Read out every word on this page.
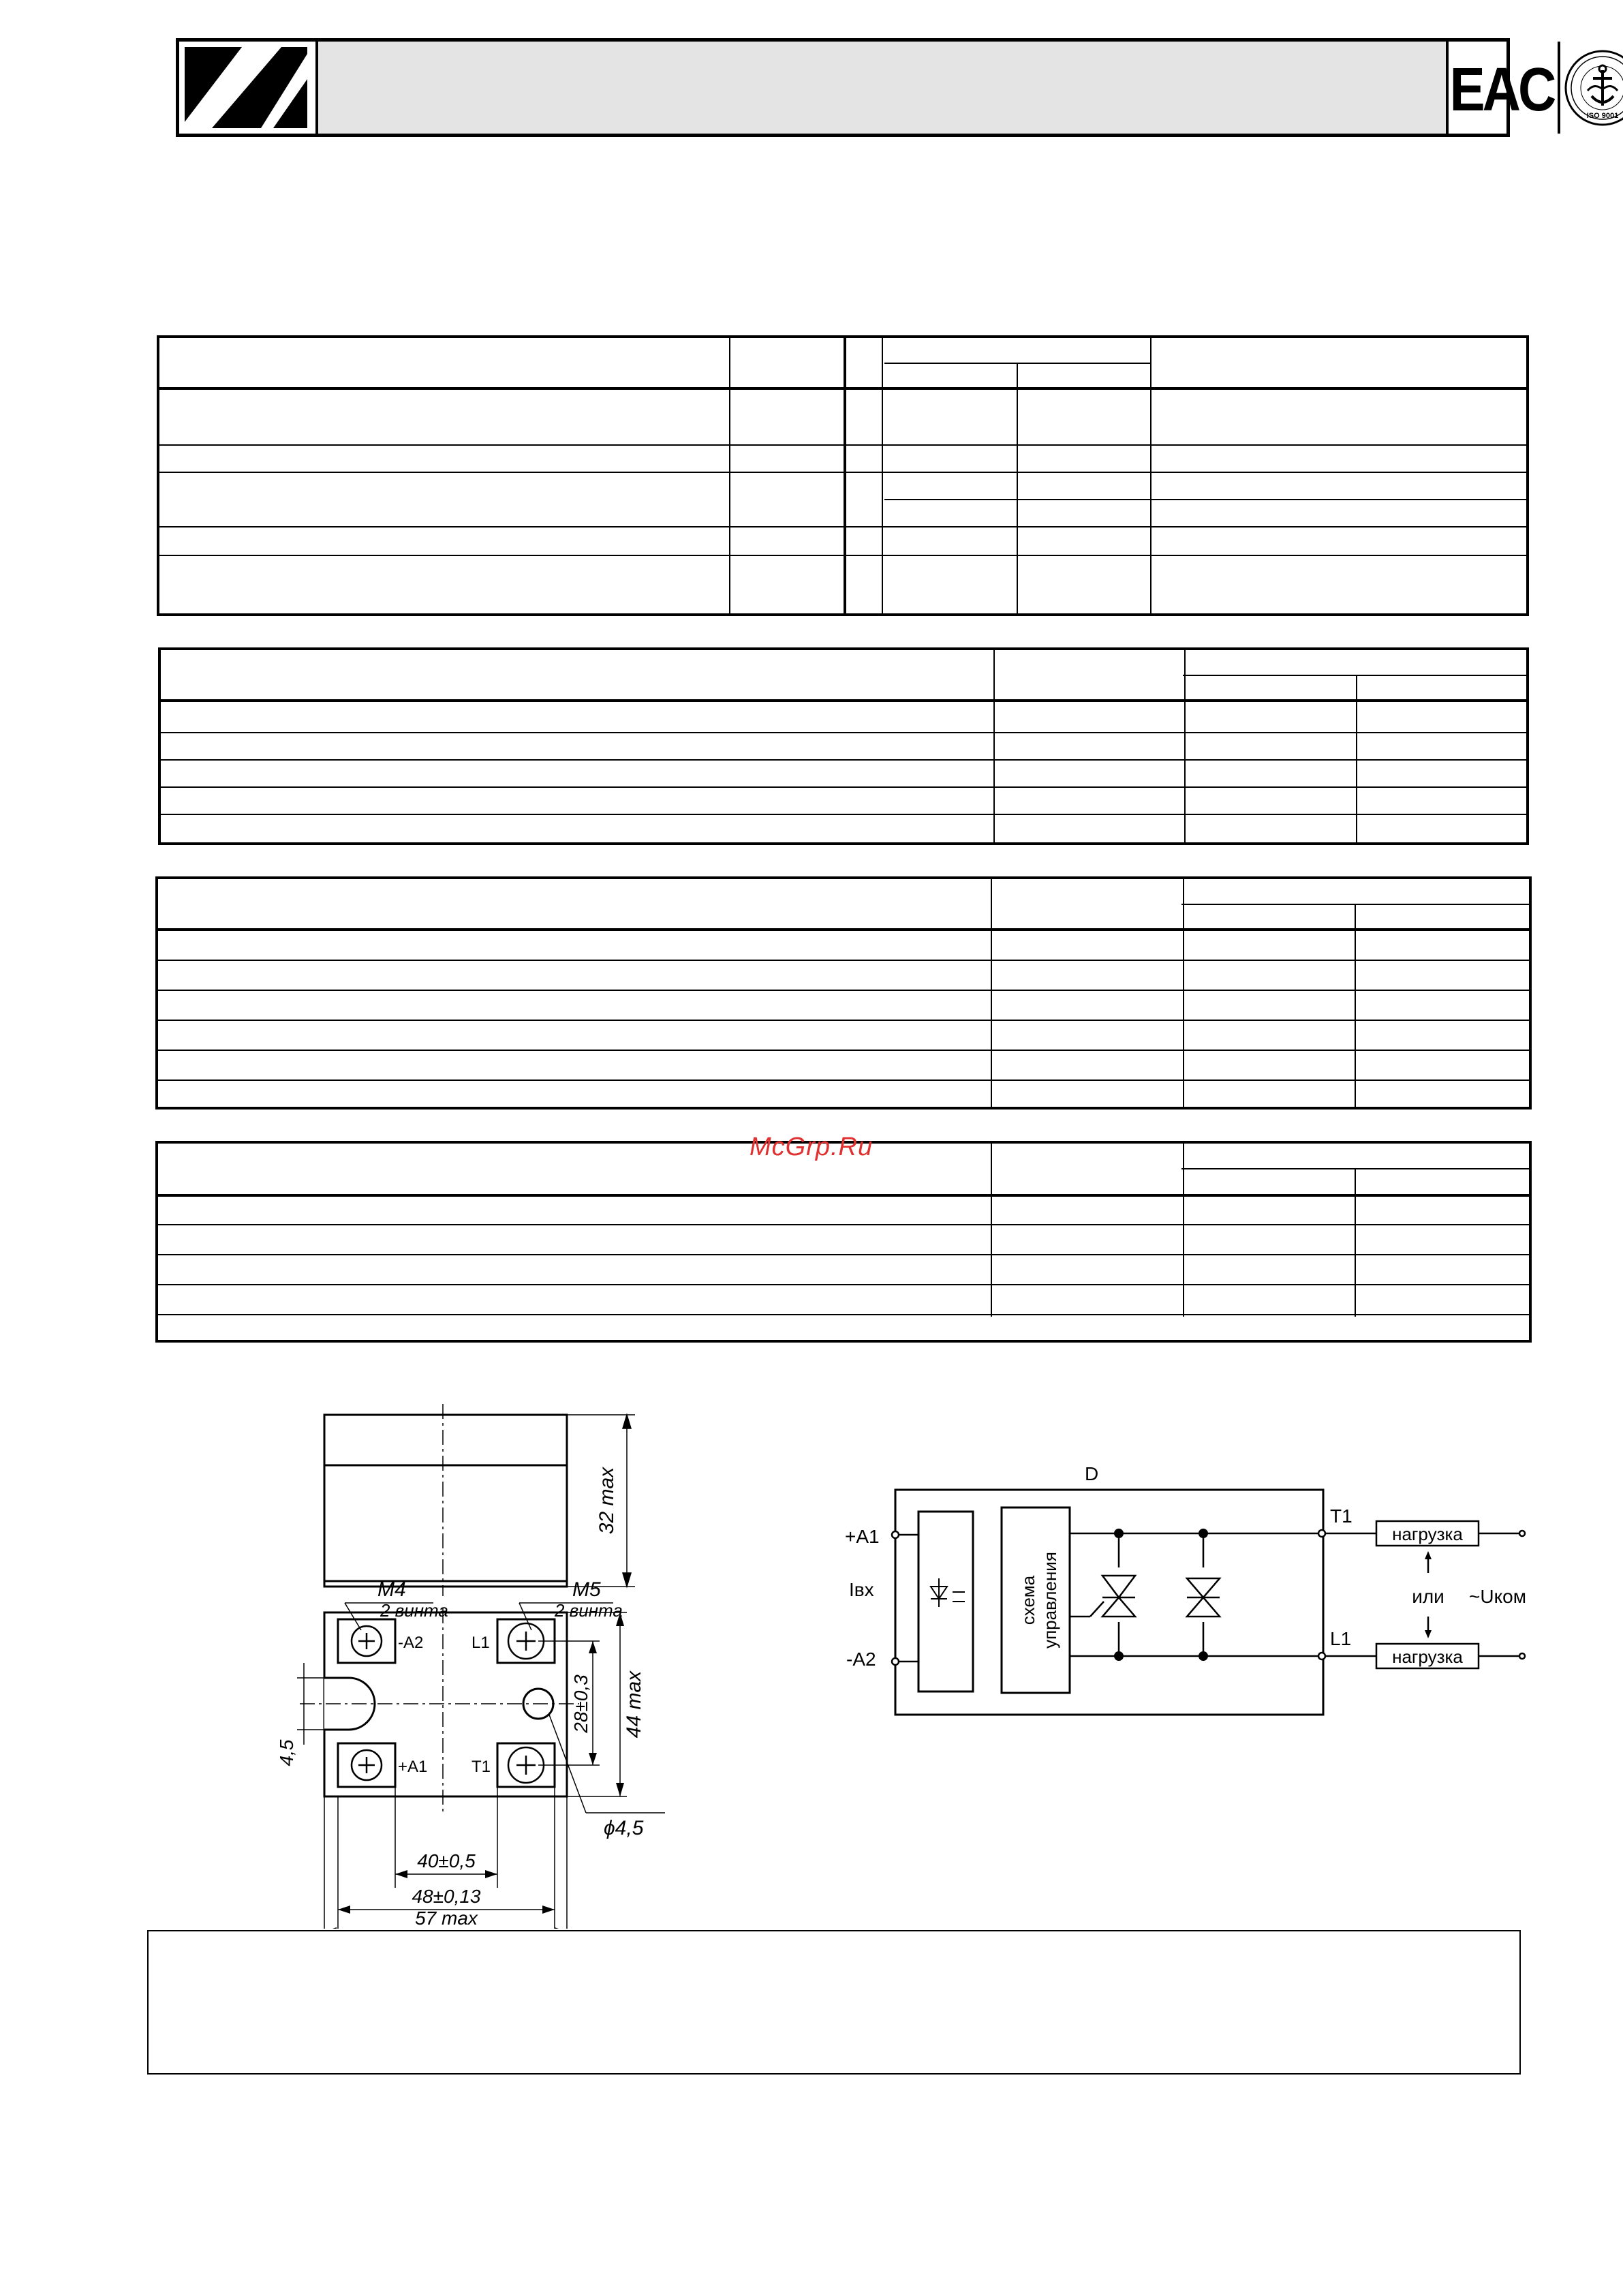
EAC	ISO 9001
McGrp.Ru
32 max
M4
2 винта
M5
2 винта
-A2	L1
+A1	T1
4,5
28±0,3 44 max
ϕ4,5
40±0,5
48±0,13
57 max
D
+A1
Iвх
-A2
схема управления
T1
L1
нагрузка
нагрузка
или ~Uком
